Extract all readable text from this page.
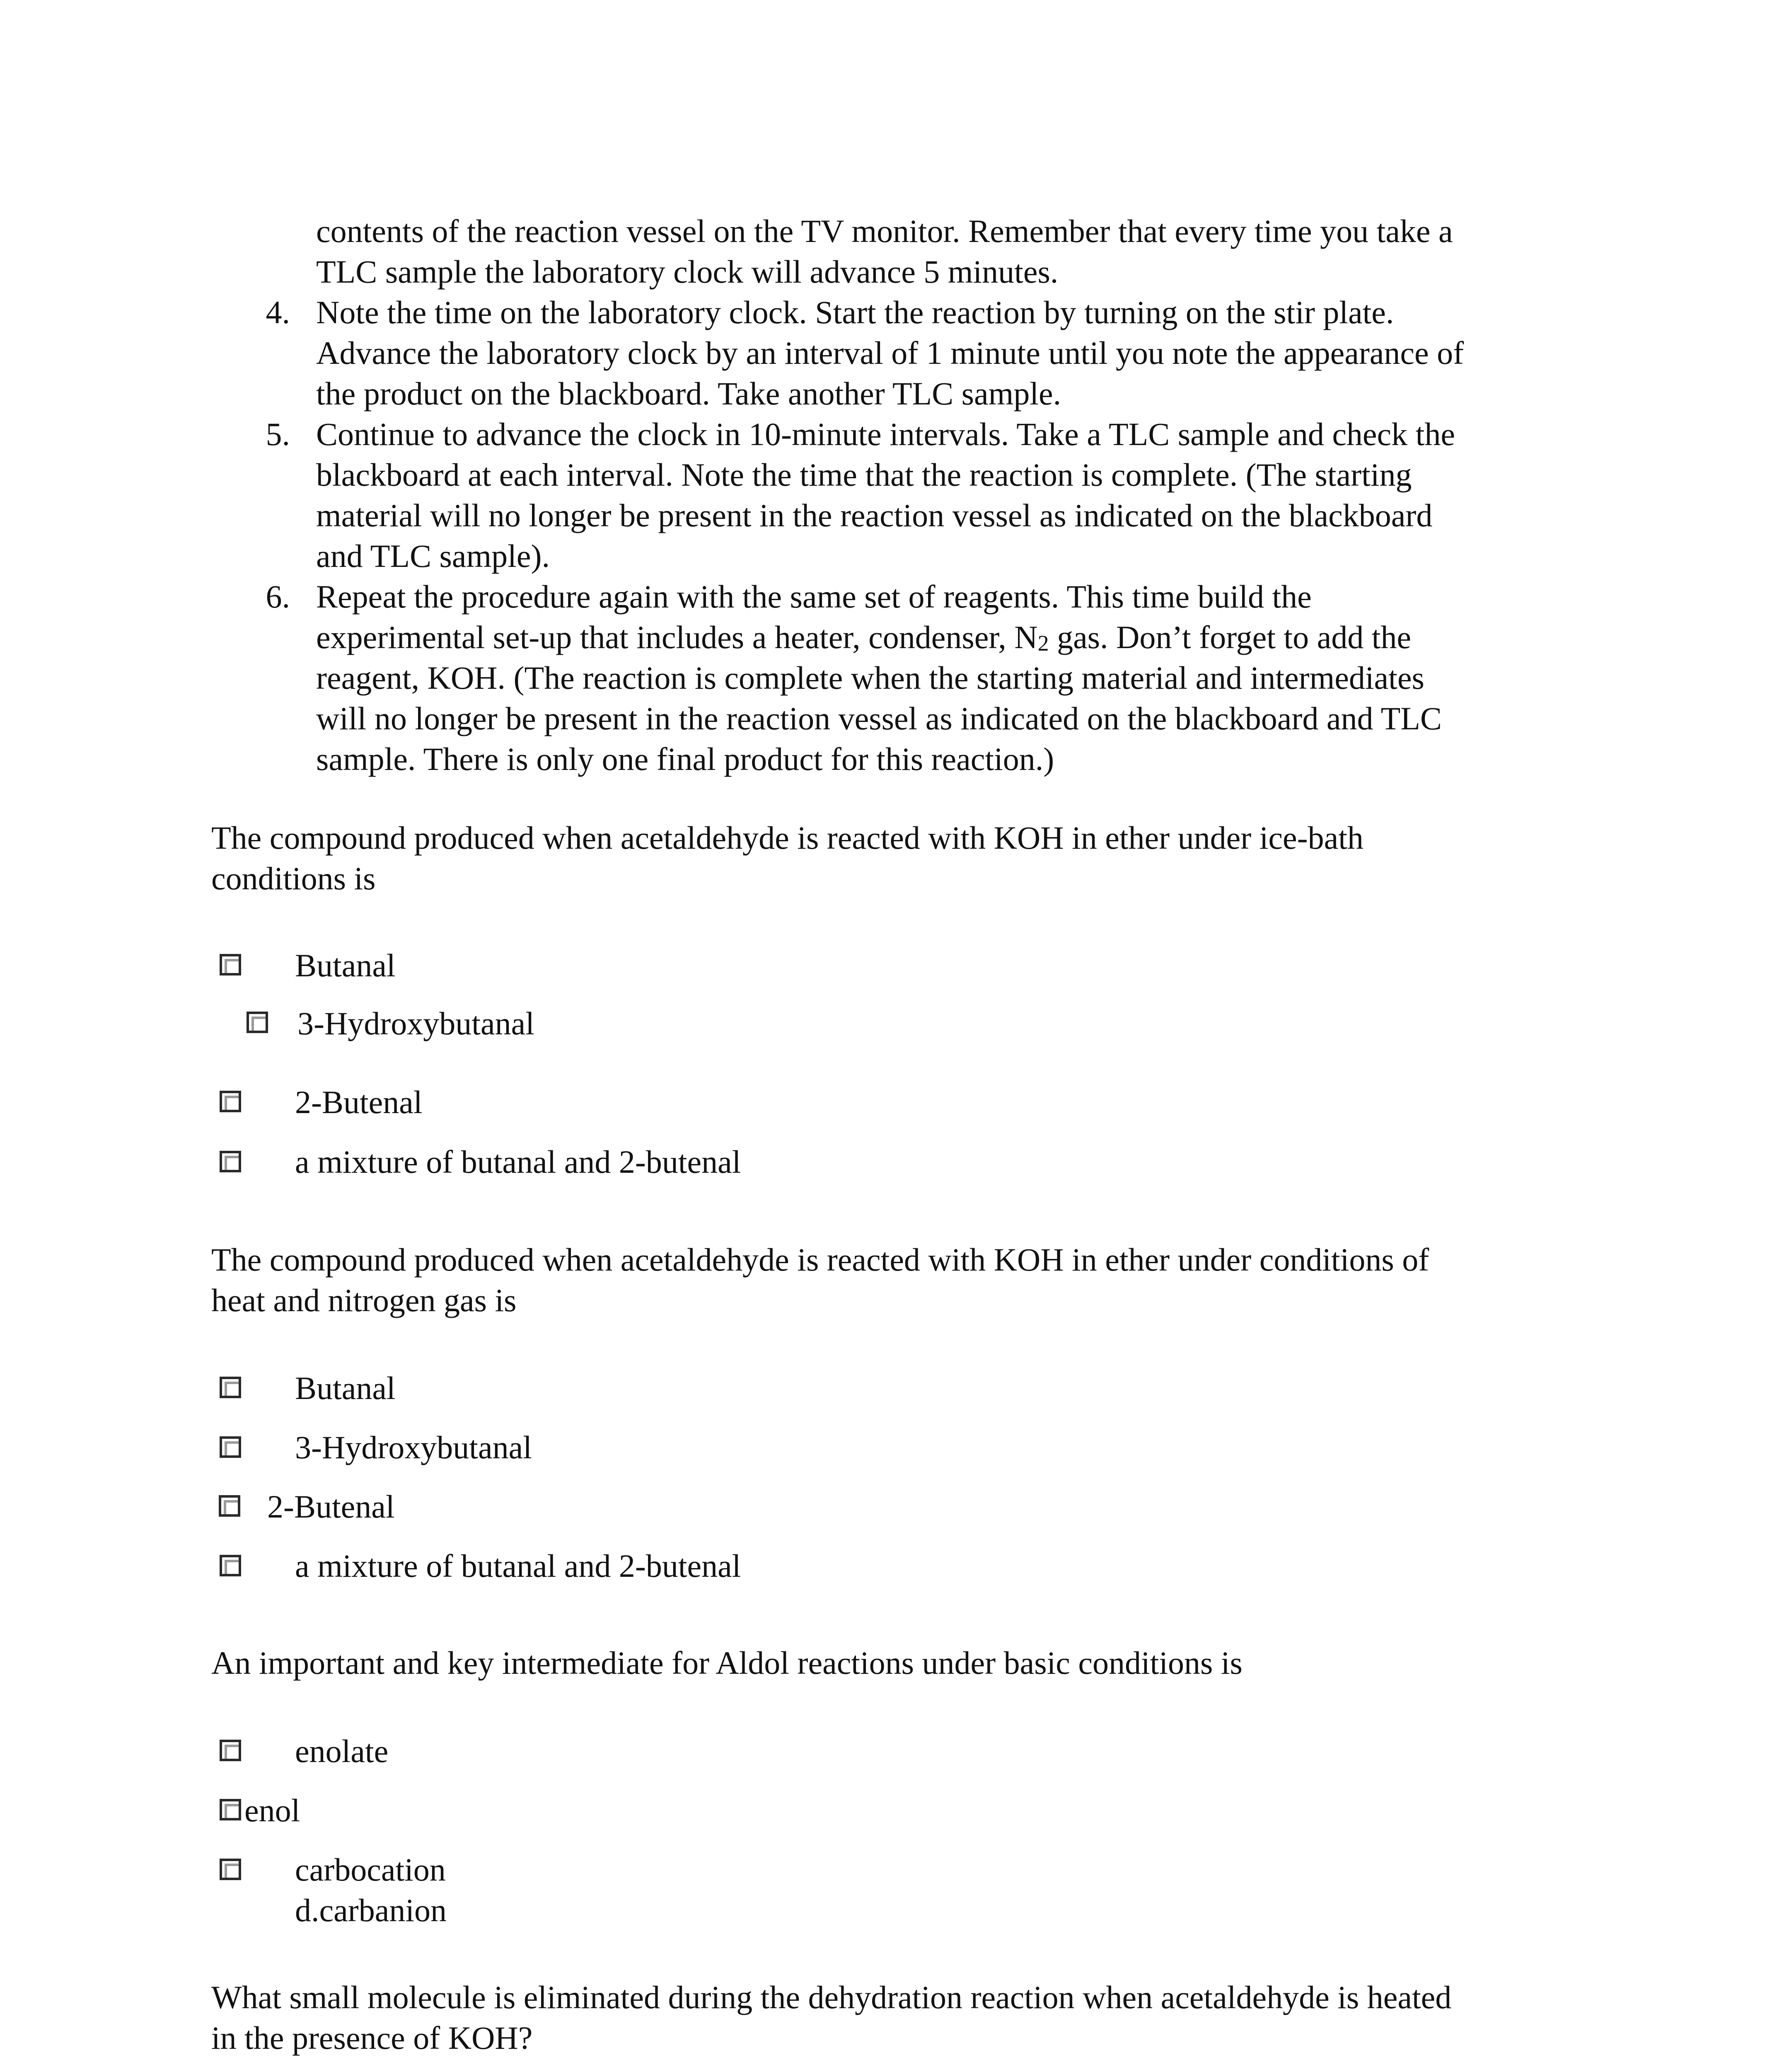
contents of the reaction vessel on the TV monitor. Remember that every time you take a
TLC sample the laboratory clock will advance 5 minutes.
4. Note the time on the laboratory clock. Start the reaction by turning on the stir plate.
Advance the laboratory clock by an interval of 1 minute until you note the appearance of
the product on the blackboard. Take another TLC sample.
5. Continue to advance the clock in 10-minute intervals. Take a TLC sample and check the
blackboard at each interval. Note the time that the reaction is complete. (The starting
material will no longer be present in the reaction vessel as indicated on the blackboard
and TLC sample).
6. Repeat the procedure again with the same set of reagents. This time build the
experimental set-up that includes a heater, condenser, $N_2$ gas. Don’t forget to add the
reagent, KOH. (The reaction is complete when the starting material and intermediates
will no longer be present in the reaction vessel as indicated on the blackboard and TLC
sample. There is only one final product for this reaction.)
The compound produced when acetaldehyde is reacted with KOH in ether under ice-bath
conditions is
Butanal
3-Hydroxybutanal
2-Butenal
a mixture of butanal and 2-butenal
The compound produced when acetaldehyde is reacted with KOH in ether under conditions of
heat and nitrogen gas is
Butanal
3-Hydroxybutanal
2-Butenal
a mixture of butanal and 2-butenal
An important and key intermediate for Aldol reactions under basic conditions is
enolate
enol
carbocation
d.carbanion
What small molecule is eliminated during the dehydration reaction when acetaldehyde is heated
in the presence of KOH?
